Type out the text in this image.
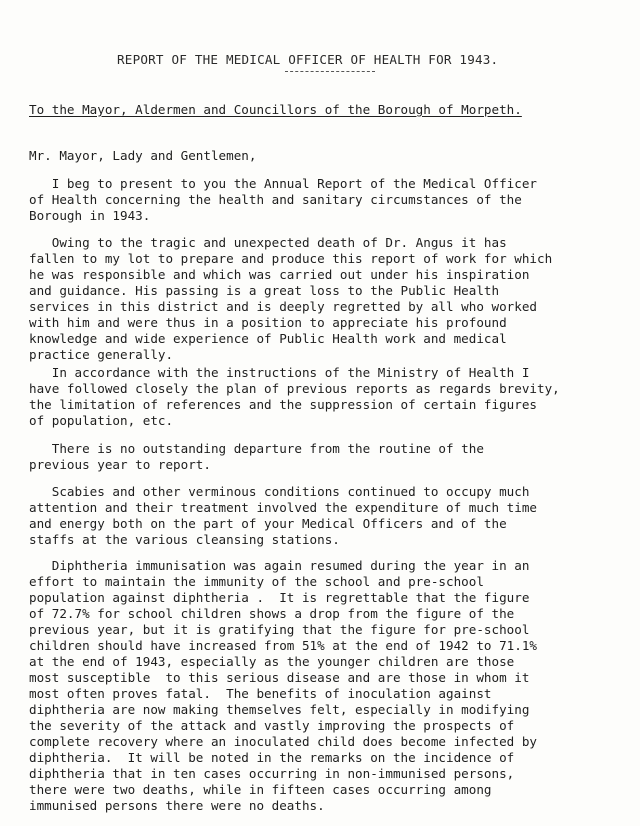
REPORT OF THE MEDICAL OFFICER OF HEALTH FOR 1943.
To the Mayor, Aldermen and Councillors of the Borough of Morpeth.
Mr. Mayor, Lady and Gentlemen,
I beg to present to you the Annual Report of the Medical Officer
of Health concerning the health and sanitary circumstances of the
Borough in 1943.
Owing to the tragic and unexpected death of Dr. Angus it has
fallen to my lot to prepare and produce this report of work for which
he was responsible and which was carried out under his inspiration
and guidance. His passing is a great loss to the Public Health
services in this district and is deeply regretted by all who worked
with him and were thus in a position to appreciate his profound
knowledge and wide experience of Public Health work and medical
practice generally.
In accordance with the instructions of the Ministry of Health I
have followed closely the plan of previous reports as regards brevity,
the limitation of references and the suppression of certain figures
of population, etc.
There is no outstanding departure from the routine of the
previous year to report.
Scabies and other verminous conditions continued to occupy much
attention and their treatment involved the expenditure of much time
and energy both on the part of your Medical Officers and of the
staffs at the various cleansing stations.
Diphtheria immunisation was again resumed during the year in an
effort to maintain the immunity of the school and pre-school
population against diphtheria .  It is regrettable that the figure
of 72.7% for school children shows a drop from the figure of the
previous year, but it is gratifying that the figure for pre-school
children should have increased from 51% at the end of 1942 to 71.1%
at the end of 1943, especially as the younger children are those
most susceptible  to this serious disease and are those in whom it
most often proves fatal.  The benefits of inoculation against
diphtheria are now making themselves felt, especially in modifying
the severity of the attack and vastly improving the prospects of
complete recovery where an inoculated child does become infected by
diphtheria.  It will be noted in the remarks on the incidence of
diphtheria that in ten cases occurring in non-immunised persons,
there were two deaths, while in fifteen cases occurring among
immunised persons there were no deaths.
